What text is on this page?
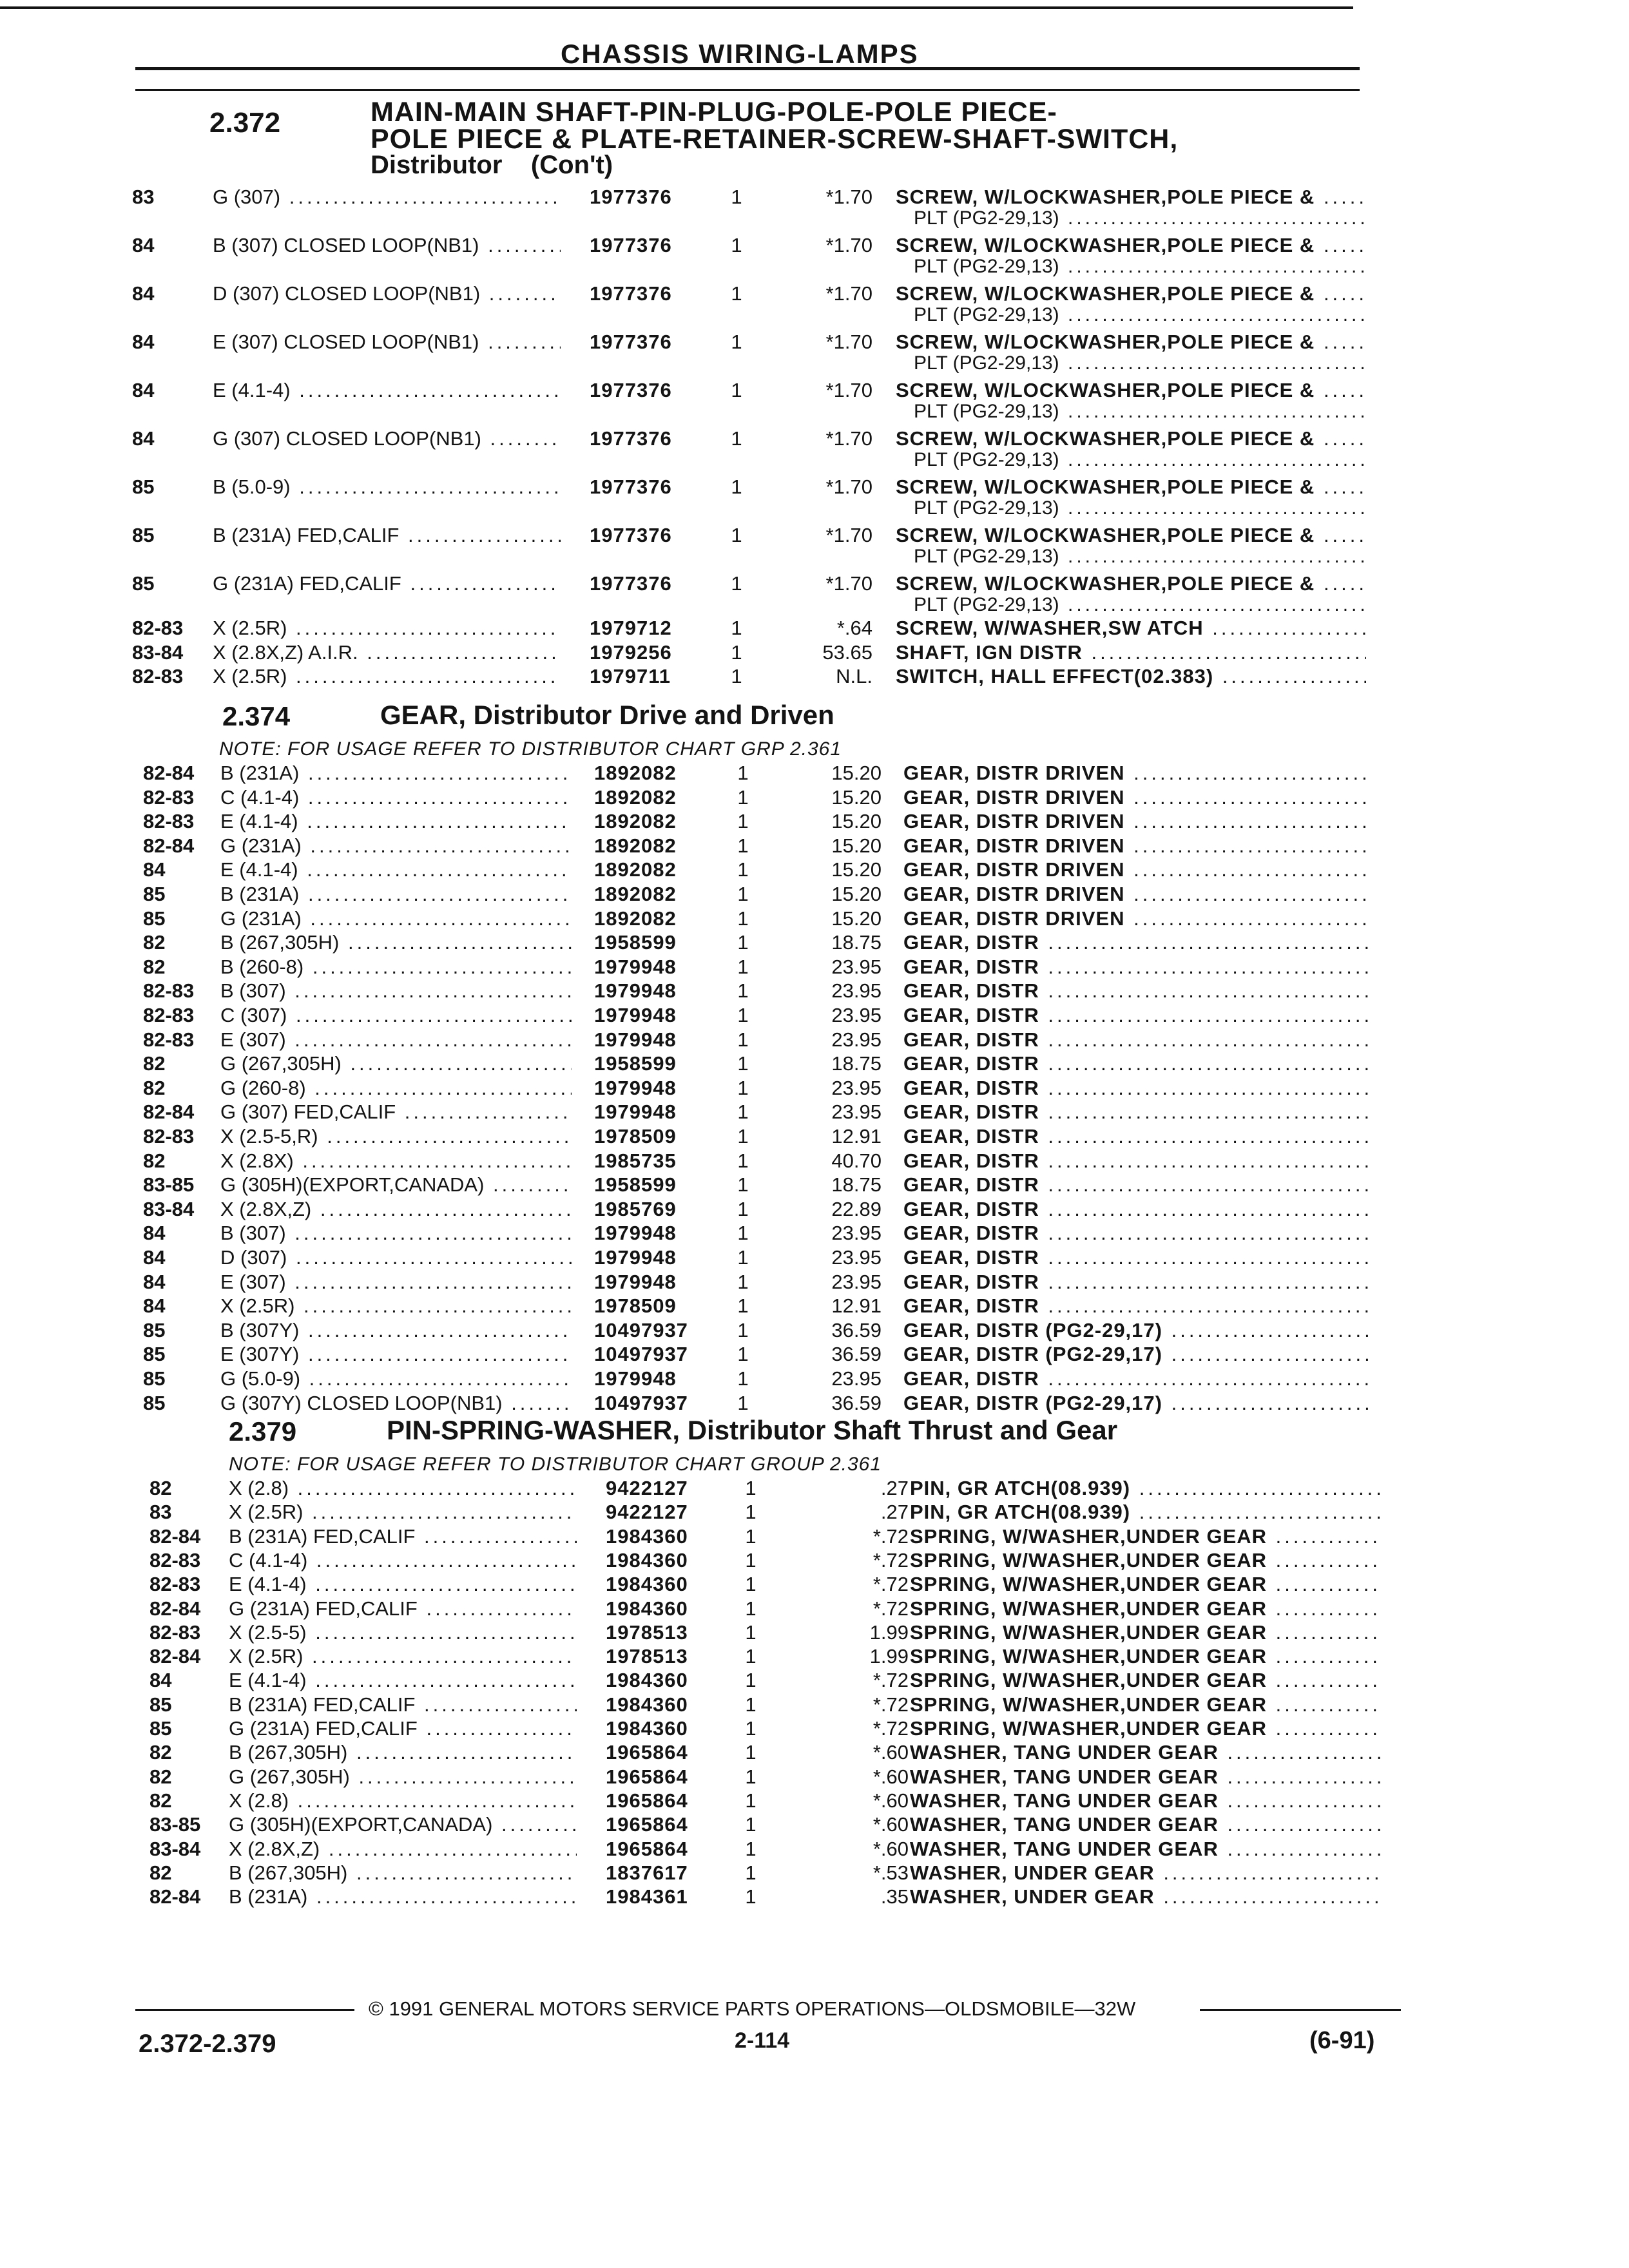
CHASSIS WIRING-LAMPS
2.372	MAIN-MAIN SHAFT-PIN-PLUG-POLE-POLE PIECE-
POLE PIECE & PLATE-RETAINER-SCREW-SHAFT-SWITCH,
Distributor    (Con't)
83	G (307) .....	1977376	1	*1.70 SCREW, W/LOCKWASHER,POLE PIECE & .....
PLT (PG2-29,13) .....
84	B (307) CLOSED LOOP(NB1) .....	1977376	1	*1.70 SCREW, W/LOCKWASHER,POLE PIECE & .....
PLT (PG2-29,13) .....
84	D (307) CLOSED LOOP(NB1) .....	1977376	1	*1.70 SCREW, W/LOCKWASHER,POLE PIECE & .....
PLT (PG2-29,13) .....
84	E (307) CLOSED LOOP(NB1) .....	1977376	1	*1.70 SCREW, W/LOCKWASHER,POLE PIECE & .....
PLT (PG2-29,13) .....
84	E (4.1-4) .....	1977376	1	*1.70 SCREW, W/LOCKWASHER,POLE PIECE & .....
PLT (PG2-29,13) .....
84	G (307) CLOSED LOOP(NB1) .....	1977376	1	*1.70 SCREW, W/LOCKWASHER,POLE PIECE & .....
PLT (PG2-29,13) .....
85	B (5.0-9) .....	1977376	1	*1.70 SCREW, W/LOCKWASHER,POLE PIECE & .....
PLT (PG2-29,13) .....
85	B (231A) FED,CALIF .....	1977376	1	*1.70 SCREW, W/LOCKWASHER,POLE PIECE & .....
PLT (PG2-29,13) .....
85	G (231A) FED,CALIF .....	1977376	1	*1.70 SCREW, W/LOCKWASHER,POLE PIECE & .....
PLT (PG2-29,13) .....
82-83 X (2.5R) .....	1979712	1	*.64 SCREW, W/WASHER,SW ATCH .....
83-84 X (2.8X,Z) A.I.R. .....	1979256	1	53.65 SHAFT, IGN DISTR .....
82-83 X (2.5R) .....	1979711	1	N.L. SWITCH, HALL EFFECT(02.383) .....
2.374	GEAR, Distributor Drive and Driven
NOTE: FOR USAGE REFER TO DISTRIBUTOR CHART GRP 2.361
82-84 B (231A) .....	1892082	1	15.20 GEAR, DISTR DRIVEN .....
82-83 C (4.1-4) .....	1892082	1	15.20 GEAR, DISTR DRIVEN .....
82-83 E (4.1-4) .....	1892082	1	15.20 GEAR, DISTR DRIVEN .....
82-84 G (231A) .....	1892082	1	15.20 GEAR, DISTR DRIVEN .....
84	E (4.1-4) .....	1892082	1	15.20 GEAR, DISTR DRIVEN .....
85	B (231A) .....	1892082	1	15.20 GEAR, DISTR DRIVEN .....
85	G (231A) .....	1892082	1	15.20 GEAR, DISTR DRIVEN .....
82	B (267,305H) .....	1958599	1	18.75 GEAR, DISTR .....
82	B (260-8) .....	1979948	1	23.95 GEAR, DISTR .....
82-83 B (307) .....	1979948	1	23.95 GEAR, DISTR .....
82-83 C (307) .....	1979948	1	23.95 GEAR, DISTR .....
82-83 E (307) .....	1979948	1	23.95 GEAR, DISTR .....
82	G (267,305H) .....	1958599	1	18.75 GEAR, DISTR .....
82	G (260-8) .....	1979948	1	23.95 GEAR, DISTR .....
82-84 G (307) FED,CALIF .....	1979948	1	23.95 GEAR, DISTR .....
82-83 X (2.5-5,R) .....	1978509	1	12.91 GEAR, DISTR .....
82	X (2.8X) .....	1985735	1	40.70 GEAR, DISTR .....
83-85 G (305H)(EXPORT,CANADA) .....	1958599	1	18.75 GEAR, DISTR .....
83-84 X (2.8X,Z) .....	1985769	1	22.89 GEAR, DISTR .....
84	B (307) .....	1979948	1	23.95 GEAR, DISTR .....
84	D (307) .....	1979948	1	23.95 GEAR, DISTR .....
84	E (307) .....	1979948	1	23.95 GEAR, DISTR .....
84	X (2.5R) .....	1978509	1	12.91 GEAR, DISTR .....
85	B (307Y) .....	10497937 1	36.59 GEAR, DISTR (PG2-29,17) .....
85	E (307Y) .....	10497937 1	36.59 GEAR, DISTR (PG2-29,17) .....
85	G (5.0-9) .....	1979948	1	23.95 GEAR, DISTR .....
85	G (307Y) CLOSED LOOP(NB1) .....	10497937 1	36.59 GEAR, DISTR (PG2-29,17) .....
2.379	PIN-SPRING-WASHER, Distributor Shaft Thrust and Gear
NOTE: FOR USAGE REFER TO DISTRIBUTOR CHART GROUP 2.361
82	X (2.8) .....	9422127	1	.27 PIN, GR ATCH(08.939) .....
83	X (2.5R) .....	9422127	1	.27 PIN, GR ATCH(08.939) .....
82-84 B (231A) FED,CALIF .....	1984360	1	*.72 SPRING, W/WASHER,UNDER GEAR .....
82-83 C (4.1-4) .....	1984360	1	*.72 SPRING, W/WASHER,UNDER GEAR .....
82-83 E (4.1-4) .....	1984360	1	*.72 SPRING, W/WASHER,UNDER GEAR .....
82-84 G (231A) FED,CALIF .....	1984360	1	*.72 SPRING, W/WASHER,UNDER GEAR .....
82-83 X (2.5-5) .....	1978513	1	1.99 SPRING, W/WASHER,UNDER GEAR .....
82-84 X (2.5R) .....	1978513	1	1.99 SPRING, W/WASHER,UNDER GEAR .....
84	E (4.1-4) .....	1984360	1	*.72 SPRING, W/WASHER,UNDER GEAR .....
85	B (231A) FED,CALIF .....	1984360	1	*.72 SPRING, W/WASHER,UNDER GEAR .....
85	G (231A) FED,CALIF .....	1984360	1	*.72 SPRING, W/WASHER,UNDER GEAR .....
82	B (267,305H) .....	1965864	1	*.60 WASHER, TANG UNDER GEAR .....
82	G (267,305H) .....	1965864	1	*.60 WASHER, TANG UNDER GEAR .....
82	X (2.8) .....	1965864	1	*.60 WASHER, TANG UNDER GEAR .....
83-85 G (305H)(EXPORT,CANADA) .....	1965864	1	*.60 WASHER, TANG UNDER GEAR .....
83-84 X (2.8X,Z) .....	1965864	1	*.60 WASHER, TANG UNDER GEAR .....
82	B (267,305H) .....	1837617	1	*.53 WASHER, UNDER GEAR .....
82-84 B (231A) .....	1984361	1	.35 WASHER, UNDER GEAR .....
© 1991 GENERAL MOTORS SERVICE PARTS OPERATIONS—OLDSMOBILE—32W
2.372-2.379	2-114	(6-91)
